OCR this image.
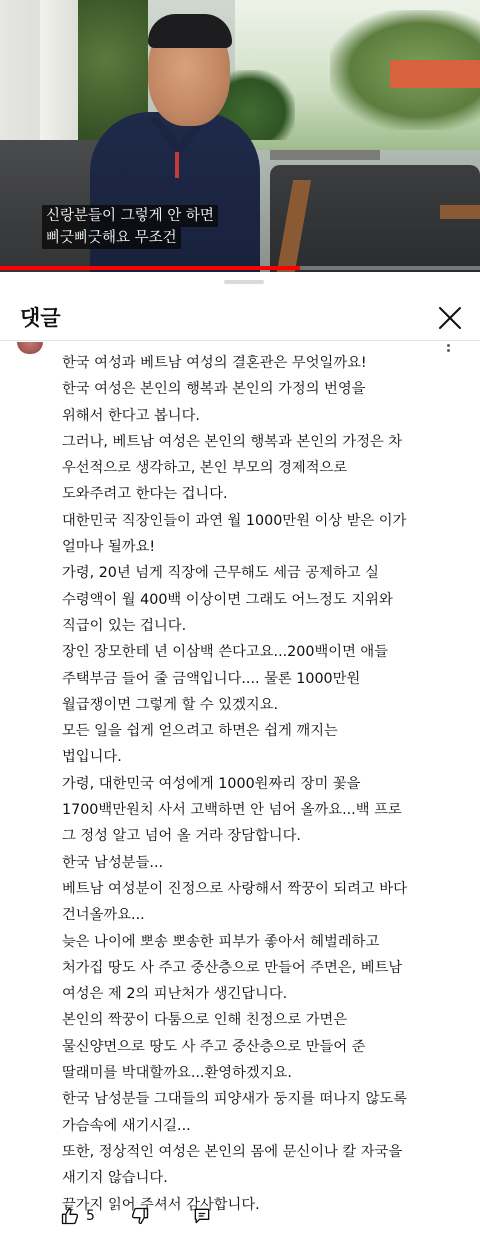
신랑분들이 그렇게 안 하면
삐긋삐긋해요 무조건
댓글
한국 여성과 베트남 여성의 결혼관은 무엇일까요!
한국 여성은 본인의 행복과 본인의 가정의 번영을
위해서 한다고 봅니다.
그러나, 베트남 여성은 본인의 행복과 본인의 가정은 차
우선적으로 생각하고, 본인 부모의 경제적으로
도와주려고 한다는 겁니다.
대한민국 직장인들이 과연 월 1000만원 이상 받은 이가
얼마나 될까요!
가령, 20년 넘게 직장에 근무해도 세금 공제하고 실
수령액이 월 400백 이상이면 그래도 어느정도 지위와
직급이 있는 겁니다.
장인 장모한테 년 이삼백 쓴다고요...200백이면 애들
주택부금 들어 줄 금액입니다.... 물론 1000만원
월급쟁이면 그렇게 할 수 있겠지요.
모든 일을 쉽게 얻으려고 하면은 쉽게 깨지는
법입니다.
가령, 대한민국 여성에게 1000원짜리 장미 꽃을
1700백만원치 사서 고백하면 안 넘어 올까요...백 프로
그 정성 알고 넘어 올 거라 장담합니다.
한국 남성분들...
베트남 여성분이 진정으로 사랑해서 짝꿍이 되려고 바다
건너올까요...
늦은 나이에 뽀송 뽀송한 피부가 좋아서 헤벌레하고
처가집 땅도 사 주고 중산층으로 만들어 주면은, 베트남
여성은 제 2의 피난처가 생긴답니다.
본인의 짝꿍이 다툼으로 인해 친정으로 가면은
물신양면으로 땅도 사 주고 중산층으로 만들어 준
딸래미를 박대할까요...환영하겠지요.
한국 남성분들 그대들의 피양새가 둥지를 떠나지 않도록
가슴속에 새기시길...
또한, 정상적인 여성은 본인의 몸에 문신이나 칼 자국을
새기지 않습니다.
끝가지 읽어 주셔서 감사합니다.
5
